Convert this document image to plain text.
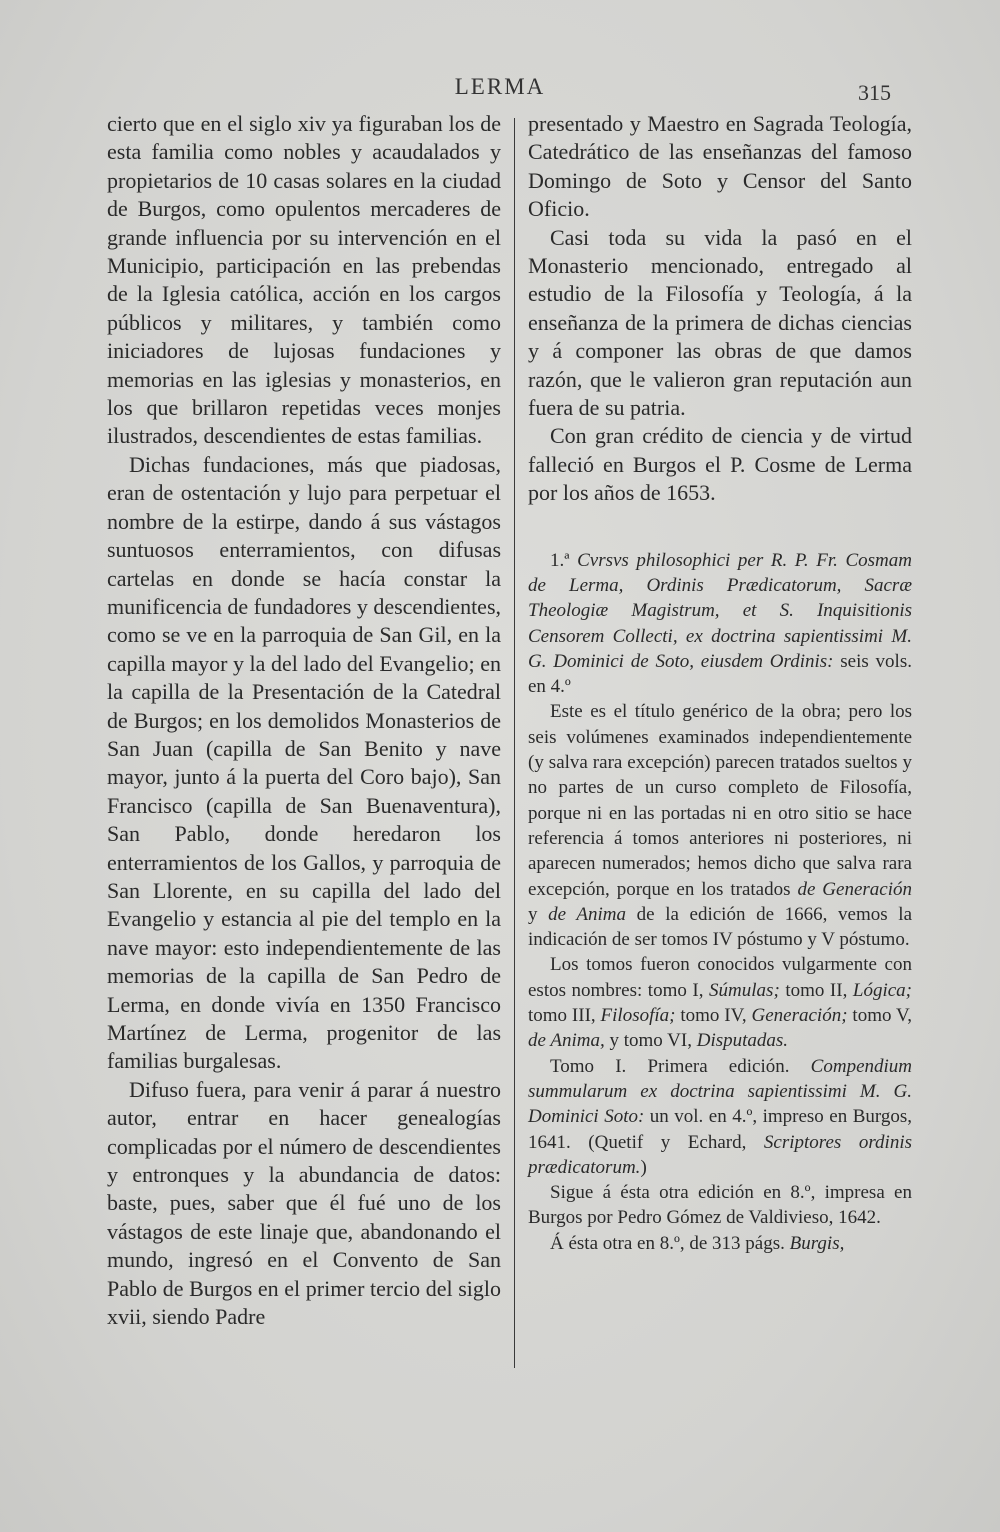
LERMA	315

cierto que en el siglo xiv ya figuraban los de esta familia como nobles y acaudalados y propietarios de 10 casas solares en la ciudad de Burgos, como opulentos mercaderes de grande influencia por su intervención en el Municipio, participación en las prebendas de la Iglesia católica, acción en los cargos públicos y militares, y también como iniciadores de lujosas fundaciones y memorias en las iglesias y monasterios, en los que brillaron repetidas veces monjes ilustrados, descendientes de estas familias.

Dichas fundaciones, más que piadosas, eran de ostentación y lujo para perpetuar el nombre de la estirpe, dando á sus vástagos suntuosos enterramientos, con difusas cartelas en donde se hacía constar la munificencia de fundadores y descendientes, como se ve en la parroquia de San Gil, en la capilla mayor y la del lado del Evangelio; en la capilla de la Presentación de la Catedral de Burgos; en los demolidos Monasterios de San Juan (capilla de San Benito y nave mayor, junto á la puerta del Coro bajo), San Francisco (capilla de San Buenaventura), San Pablo, donde heredaron los enterramientos de los Gallos, y parroquia de San Llorente, en su capilla del lado del Evangelio y estancia al pie del templo en la nave mayor: esto independientemente de las memorias de la capilla de San Pedro de Lerma, en donde vivía en 1350 Francisco Martínez de Lerma, progenitor de las familias burgalesas.

Difuso fuera, para venir á parar á nuestro autor, entrar en hacer genealogías complicadas por el número de descendientes y entronques y la abundancia de datos: baste, pues, saber que él fué uno de los vástagos de este linaje que, abandonando el mundo, ingresó en el Convento de San Pablo de Burgos en el primer tercio del siglo xvii, siendo Padre

presentado y Maestro en Sagrada Teología, Catedrático de las enseñanzas del famoso Domingo de Soto y Censor del Santo Oficio.

Casi toda su vida la pasó en el Monasterio mencionado, entregado al estudio de la Filosofía y Teología, á la enseñanza de la primera de dichas ciencias y á componer las obras de que damos razón, que le valieron gran reputación aun fuera de su patria.

Con gran crédito de ciencia y de virtud falleció en Burgos el P. Cosme de Lerma por los años de 1653.

1.ª Cvrsvs philosophici per R. P. Fr. Cosmam de Lerma, Ordinis Prædicatorum, Sacræ Theologiæ Magistrum, et S. Inquisitionis Censorem Collecti, ex doctrina sapientissimi M. G. Dominici de Soto, eiusdem Ordinis: seis vols. en 4.º

Este es el título genérico de la obra; pero los seis volúmenes examinados independientemente (y salva rara excepción) parecen tratados sueltos y no partes de un curso completo de Filosofía, porque ni en las portadas ni en otro sitio se hace referencia á tomos anteriores ni posteriores, ni aparecen numerados; hemos dicho que salva rara excepción, porque en los tratados de Generación y de Anima de la edición de 1666, vemos la indicación de ser tomos IV póstumo y V póstumo.

Los tomos fueron conocidos vulgarmente con estos nombres: tomo I, Súmulas; tomo II, Lógica; tomo III, Filosofía; tomo IV, Generación; tomo V, de Anima, y tomo VI, Disputadas.

Tomo I. Primera edición. Compendium summularum ex doctrina sapientissimi M. G. Dominici Soto: un vol. en 4.º, impreso en Burgos, 1641. (Quetif y Echard, Scriptores ordinis prædicatorum.)

Sigue á ésta otra edición en 8.º, impresa en Burgos por Pedro Gómez de Valdivieso, 1642.

Á ésta otra en 8.º, de 313 págs. Burgis,
